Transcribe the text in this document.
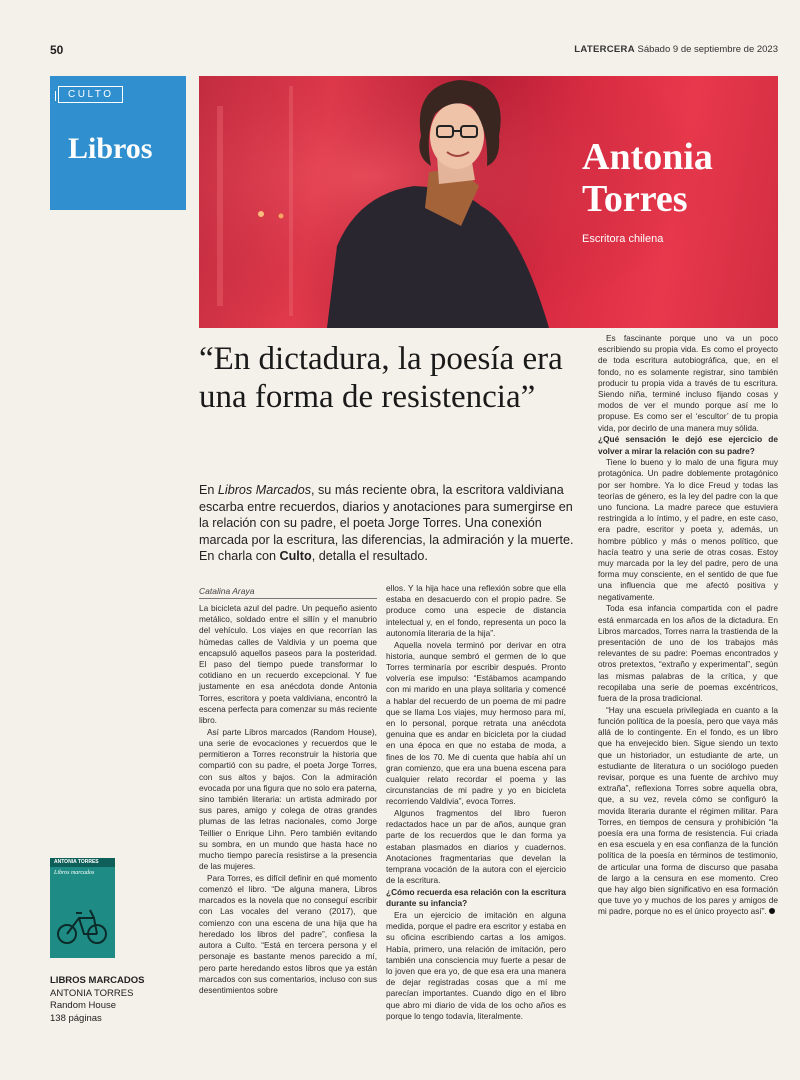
50	LATERCERA Sábado 9 de septiembre de 2023
CULTO
Libros	Antonia
Torres
Escritora chilena
“En dictadura, la poesía era una forma de resistencia”
En Libros Marcados, su más reciente obra, la escritora valdiviana escarba entre recuerdos, diarios y anotaciones para sumergirse en la relación con su padre, el poeta Jorge Torres. Una conexión marcada por la escritura, las diferencias, la admiración y la muerte. En charla con Culto, detalla el resultado.
Catalina Araya

La bicicleta azul del padre. Un pequeño asiento metálico, soldado entre el sillín y el manubrio del vehículo. Los viajes en que recorrían las húmedas calles de Valdivia y un poema que encapsuló aquellos paseos para la posteridad. El paso del tiempo puede transformar lo cotidiano en un recuerdo excepcional. Y fue justamente en esa anécdota donde Antonia Torres, escritora y poeta valdiviana, encontró la escena perfecta para comenzar su más reciente libro.

Así parte Libros marcados (Random House), una serie de evocaciones y recuerdos que le permitieron a Torres reconstruir la historia que compartió con su padre, el poeta Jorge Torres, con sus altos y bajos. Con la admiración evocada por una figura que no solo era paterna, sino también literaria: un artista admirado por sus pares, amigo y colega de otras grandes plumas de las letras nacionales, como Jorge Teillier o Enrique Lihn. Pero también evitando su sombra, en un mundo que hasta hace no mucho tiempo parecía resistirse a la presencia de las mujeres.

Para Torres, es difícil definir en qué momento comenzó el libro. “De alguna manera, Libros marcados es la novela que no conseguí escribir con Las vocales del verano (2017), que comienzo con una escena de una hija que ha heredado los libros del padre”, confiesa la autora a Culto. “Está en tercera persona y el personaje es bastante menos parecido a mí, pero parte heredando estos libros que ya están marcados con sus comentarios, incluso con sus desentimientos sobre

ellos. Y la hija hace una reflexión sobre que ella estaba en desacuerdo con el propio padre. Se produce como una especie de distancia intelectual y, en el fondo, representa un poco la autonomía literaria de la hija”.

Aquella novela terminó por derivar en otra historia, aunque sembró el germen de lo que Torres terminaría por escribir después. Pronto volvería ese impulso: “Estábamos acampando con mi marido en una playa solitaria y comencé a hablar del recuerdo de un poema de mi padre que se llama Los viajes, muy hermoso para mí, en lo personal, porque retrata una anécdota genuina que es andar en bicicleta por la ciudad en una época en que no estaba de moda, a fines de los 70. Me di cuenta que había ahí un gran comienzo, que era una buena escena para cualquier relato recordar el poema y las circunstancias de mi padre y yo en bicicleta recorriendo Valdivia”, evoca Torres.

Algunos fragmentos del libro fueron redactados hace un par de años, aunque gran parte de los recuerdos que le dan forma ya estaban plasmados en diarios y cuadernos. Anotaciones fragmentarias que develan la temprana vocación de la autora con el ejercicio de la escritura.

¿Cómo recuerda esa relación con la escritura durante su infancia?

Era un ejercicio de imitación en alguna medida, porque el padre era escritor y estaba en su oficina escribiendo cartas a los amigos. Había, primero, una relación de imitación, pero también una consciencia muy fuerte a pesar de lo joven que era yo, de que esa era una manera de dejar registradas cosas que a mí me parecían importantes. Cuando digo en el libro que abro mi diario de vida de los ocho años es porque lo tengo todavía, literalmente.

Es fascinante porque uno va un poco escribiendo su propia vida. Es como el proyecto de toda escritura autobiográfica, que, en el fondo, no es solamente registrar, sino también producir tu propia vida a través de tu escritura. Siendo niña, terminé incluso fijando cosas y modos de ver el mundo porque así me lo propuse. Es como ser el ‘escultor’ de tu propia vida, por decirlo de una manera muy sólida.

¿Qué sensación le dejó ese ejercicio de volver a mirar la relación con su padre?

Tiene lo bueno y lo malo de una figura muy protagónica. Un padre doblemente protagónico por ser hombre. Ya lo dice Freud y todas las teorías de género, es la ley del padre con la que uno funciona. La madre parece que estuviera restringida a lo íntimo, y el padre, en este caso, era padre, escritor y poeta y, además, un hombre público y más o menos político, que hacía teatro y una serie de otras cosas. Estoy muy marcada por la ley del padre, pero de una forma muy consciente, en el sentido de que fue una influencia que me afectó positiva y negativamente.

Toda esa infancia compartida con el padre está enmarcada en los años de la dictadura. En Libros marcados, Torres narra la trastienda de la presentación de uno de los trabajos más relevantes de su padre: Poemas encontrados y otros pretextos, “extraño y experimental”, según las mismas palabras de la crítica, y que recopilaba una serie de poemas excéntricos, fuera de la prosa tradicional.

“Hay una escuela privilegiada en cuanto a la función política de la poesía, pero que vaya más allá de lo contingente. En el fondo, es un libro que ha envejecido bien. Sigue siendo un texto que un historiador, un estudiante de arte, un estudiante de literatura o un sociólogo pueden revisar, porque es una fuente de archivo muy extraña”, reflexiona Torres sobre aquella obra, que, a su vez, revela cómo se configuró la movida literaria durante el régimen militar. Para Torres, en tiempos de censura y prohibición “la poesía era una forma de resistencia. Fui criada en esa escuela y en esa confianza de la función política de la poesía en términos de testimonio, de articular una forma de discurso que pasaba de largo a la censura en ese momento. Creo que hay algo bien significativo en esa formación que tuve yo y muchos de los pares y amigos de mi padre, porque no es el único proyecto así”.

ANTONIA TORRES
Libros marcados
LIBROS MARCADOS
ANTONIA TORRES
Random House
138 páginas
